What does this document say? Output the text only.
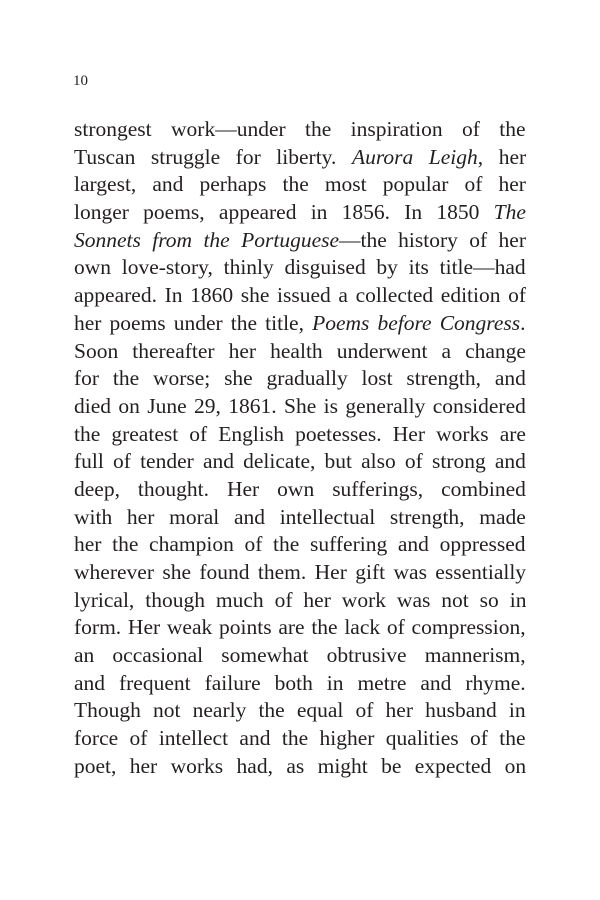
10
strongest work—under the inspiration of the
Tuscan struggle for liberty. Aurora Leigh, her
largest, and perhaps the most popular of her
longer poems, appeared in 1856. In 1850 The
Sonnets from the Portuguese—the history of her
own love-story, thinly disguised by its title—had
appeared. In 1860 she issued a collected edition of
her poems under the title, Poems before Congress.
Soon thereafter her health underwent a change
for the worse; she gradually lost strength, and
died on June 29, 1861. She is generally considered
the greatest of English poetesses. Her works are
full of tender and delicate, but also of strong and
deep, thought. Her own sufferings, combined
with her moral and intellectual strength, made
her the champion of the suffering and oppressed
wherever she found them. Her gift was essentially
lyrical, though much of her work was not so in
form. Her weak points are the lack of compression,
an occasional somewhat obtrusive mannerism,
and frequent failure both in metre and rhyme.
Though not nearly the equal of her husband in
force of intellect and the higher qualities of the
poet, her works had, as might be expected on
